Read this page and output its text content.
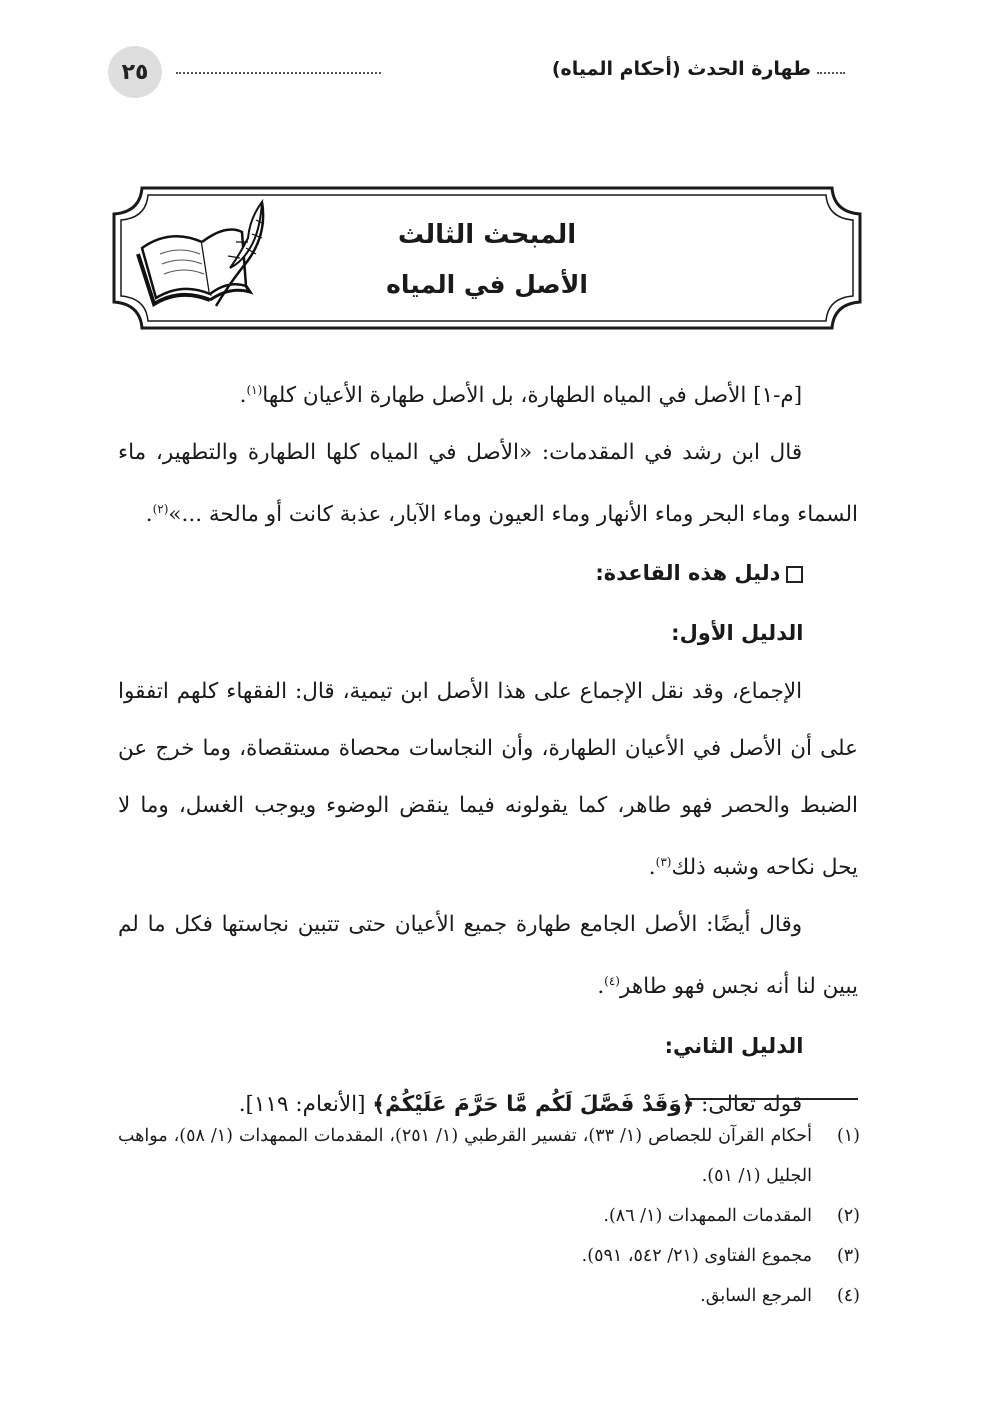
٢٥	طهارة الحدث (أحكام المياه)
المبحث الثالث
الأصل في المياه

[م-١] الأصل في المياه الطهارة، بل الأصل طهارة الأعيان كلها$^{(١)}$.

قال ابن رشد في المقدمات: «الأصل في المياه كلها الطهارة والتطهير، ماء السماء وماء البحر وماء الأنهار وماء العيون وماء الآبار، عذبة كانت أو مالحة ...»$^{(٢)}$.

دليل هذه القاعدة:
الدليل الأول:

الإجماع، وقد نقل الإجماع على هذا الأصل ابن تيمية، قال: الفقهاء كلهم اتفقوا على أن الأصل في الأعيان الطهارة، وأن النجاسات محصاة مستقصاة، وما خرج عن الضبط والحصر فهو طاهر، كما يقولونه فيما ينقض الوضوء ويوجب الغسل، وما لا يحل نكاحه وشبه ذلك$^{(٣)}$.

وقال أيضًا: الأصل الجامع طهارة جميع الأعيان حتى تتبين نجاستها فكل ما لم يبين لنا أنه نجس فهو طاهر$^{(٤)}$.

الدليل الثاني:

قوله تعالى: ﴿وَقَدْ فَصَّلَ لَكُم مَّا حَرَّمَ عَلَيْكُمْ﴾ [الأنعام: ١١٩].

(١)
أحكام القرآن للجصاص (١/ ٣٣)، تفسير القرطبي (١/ ٢٥١)، المقدمات الممهدات (١/ ٥٨)، مواهب الجليل (١/ ٥١).
(٢)
المقدمات الممهدات (١/ ٨٦).
(٣)
مجموع الفتاوى (٢١/ ٥٤٢، ٥٩١).
(٤)
المرجع السابق.
